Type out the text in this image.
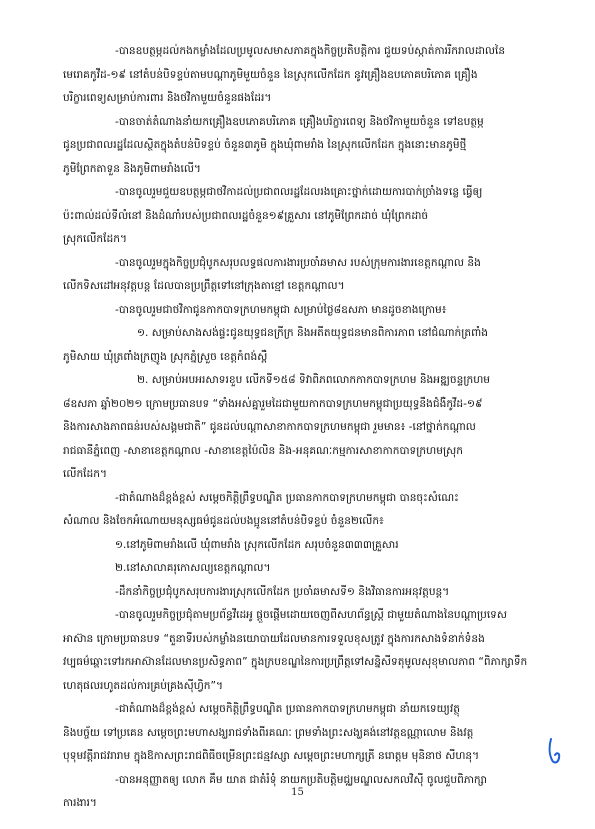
-បានឧបត្ថម្ភដល់កងកម្លាំងដែលប្រមូលសមាសភាគក្នុងកិច្ចប្រតិបត្តិការ ជួយទប់ស្កាត់ការរីករាលដាលនៃ
មេរោគកូវីដ-១៩ នៅតំបន់បិទខ្ទប់តាមបណ្តាភូមិមួយចំនួន នៃស្រុកលើកដែក នូវគ្រឿងឧបភោគបរិភោគ គ្រឿង
បរិក្ខារពេទ្យសម្រាប់ការពារ និងថវិកាមួយចំនួនផងដែរ។
-បានចាត់តំណាងនាំយកគ្រឿងឧបភោគបរិភោគ គ្រឿងបរិក្ខារពេទ្យ និងថវិកាមួយចំនួន ទៅឧបត្ថម្ភ
ជូនប្រជាពលរដ្ឋដែលស្ថិតក្នុងតំបន់បិទខ្ទប់ ចំនួន៣ភូមិ ក្នុងឃុំពាមរាំង នៃស្រុកលើកដែក ក្នុងនោះមានភូមិថ្មី
ភូមិព្រែកតាទួន និងភូមិពាមរាំងលើ។
-បានចូលរួមជួយឧបត្ថម្ភជាថវិកាដល់ប្រជាពលរដ្ឋដែលរងគ្រោះថ្នាក់ដោយការបាក់ច្រាំងទន្លេ ធ្វើឲ្យ
ប៉ះពាល់ដល់ទីលំនៅ និងដំណាំរបស់ប្រជាពលរដ្ឋចំនួន១៩គ្រួសារ នៅភូមិព្រែកដាច់ ឃុំព្រែកដាច់
ស្រុកលើកដែក។
-បានចូលរួមក្នុងកិច្ចប្រជុំបូកសរុបលទ្ធផលការងារប្រចាំឆមាស របស់ក្រុមការងារខេត្តកណ្តាល និង
លើកទិសដៅអនុវត្តបន្ត ដែលបានប្រព្រឹត្តទៅនៅក្រុងតាខ្មៅ ខេត្តកណ្តាល។
-បានចូលរួមជាថវិកាជូនកាកបាទក្រហមកម្ពុជា សម្រាប់ថ្ងៃ៨ឧសភា មានដូចខាងក្រោម៖
១. សម្រាប់សាងសង់ផ្ទះជូនយុទ្ធជនក្រីក្រ និងអតីតយុទ្ធជនមានពិការភាព នៅជំណាក់ត្រពាំង
ភូមិសាយ ឃុំត្រពាំងក្រញូង ស្រុកភ្នំស្រួច ខេត្តកំពង់ស្ពឺ
២. សម្រាប់អបអរសាទរខួប លើកទី១៥៨ ទិវាពិភពលោកកាកបាទក្រហម និងអឌ្ឍចន្ទក្រហម
៨ឧសភា ឆ្នាំ២០២១ ក្រោមប្រធានបទ “ទាំងអស់គ្នារួមដៃជាមួយកាកបាទក្រហមកម្ពុជាប្រយុទ្ធនឹងជំងឺកូវីដ-១៩
និងការសាងភាពធន់របស់សង្គមជាតិ” ជូនដល់បណ្តាសាខាកាកបាទក្រហមកម្ពុជា រួមមាន៖ -នៅថ្នាក់កណ្តាល
រាជធានីភ្នំពេញ -សាខាខេត្តកណ្តាល -សាខាខេត្តប៉ៃលិន និង-អនុគណៈកម្មការសាខាកាកបាទក្រហមស្រុក
លើកដែក។
-ជាតំណាងដ៏ខ្ពង់ខ្ពស់ សម្តេចកិត្តិព្រឹទ្ធបណ្ឌិត ប្រធានកាកបាទក្រហមកម្ពុជា បានចុះសំណេះ
សំណាល និងចែកអំណោយមនុស្សធម៌ជូនដល់បងប្អូននៅតំបន់បិទខ្ទប់ ចំនួន២លើក៖
១.នៅភូមិពាមរាំងលើ ឃុំពាមរាំង ស្រុកលើកដែក សរុបចំនួន៣៣៣គ្រួសារ
២.នៅសាលាគរុកោសល្យខេត្តកណ្តាល។
-ដឹកនាំកិច្ចប្រជុំបូកសរុបការងារស្រុកលើកដែក ប្រចាំឆមាសទី១ និងវិធានការអនុវត្តបន្ត។
-បានចូលរួមកិច្ចប្រជុំតាមប្រព័ន្ធវីដេអូ ផ្តួចផ្តើមដោយចេញពីសហព័ន្ធស្ត្រី ជាមួយតំណាងនៃបណ្តាប្រទេស
អាស៊ាន ក្រោមប្រធានបទ “តួនាទីរបស់កម្លាំងនយោបាយដែលមានការទទួលខុសត្រូវ ក្នុងការកសាងទំនាក់ទំនង
វប្បធម៌ឆ្ពោះទៅរកអាស៊ានដែលមានប្រសិទ្ធភាព” ក្នុងក្របខណ្ឌនៃការប្រព្រឹត្តទៅសន្និសីទតុមូលសុខុមាលភាព “ពិភាក្សាទឹក
ហេតុផលរហូតដល់ការគ្រប់គ្រងស៊ីហ្វិក”។
-ជាតំណាងដ៏ខ្ពង់ខ្ពស់ សម្តេចកិត្តិព្រឹទ្ធបណ្ឌិត ប្រធានកាកបាទក្រហមកម្ពុជា នាំយកទេយ្យវត្ថុ
និងបច្ច័យ ទៅប្រគេន សម្តេចព្រះមហាសង្ឃរាជទាំងពីរគណៈ ព្រមទាំងព្រះសង្ឃគង់នៅវត្តឧណ្ណាលោម និងវត្ត
បុទុមវត្តីរាជវរារាម ក្នុងឱកាសព្រះរាជពិធីចម្រើនព្រះជន្មវស្សា សម្តេចព្រះមហាក្សត្រី នរោត្តម មុនិនាថ សីហនុ។
-បានអនុញ្ញាតឲ្យ លោក គឹម យាត ជាតំរំទុំ នាយកប្រតិបត្តិមជ្ឈមណ្ឌលសកលវិស៊ី ចូលជួបពិភាក្សា
ការងារ។
15
